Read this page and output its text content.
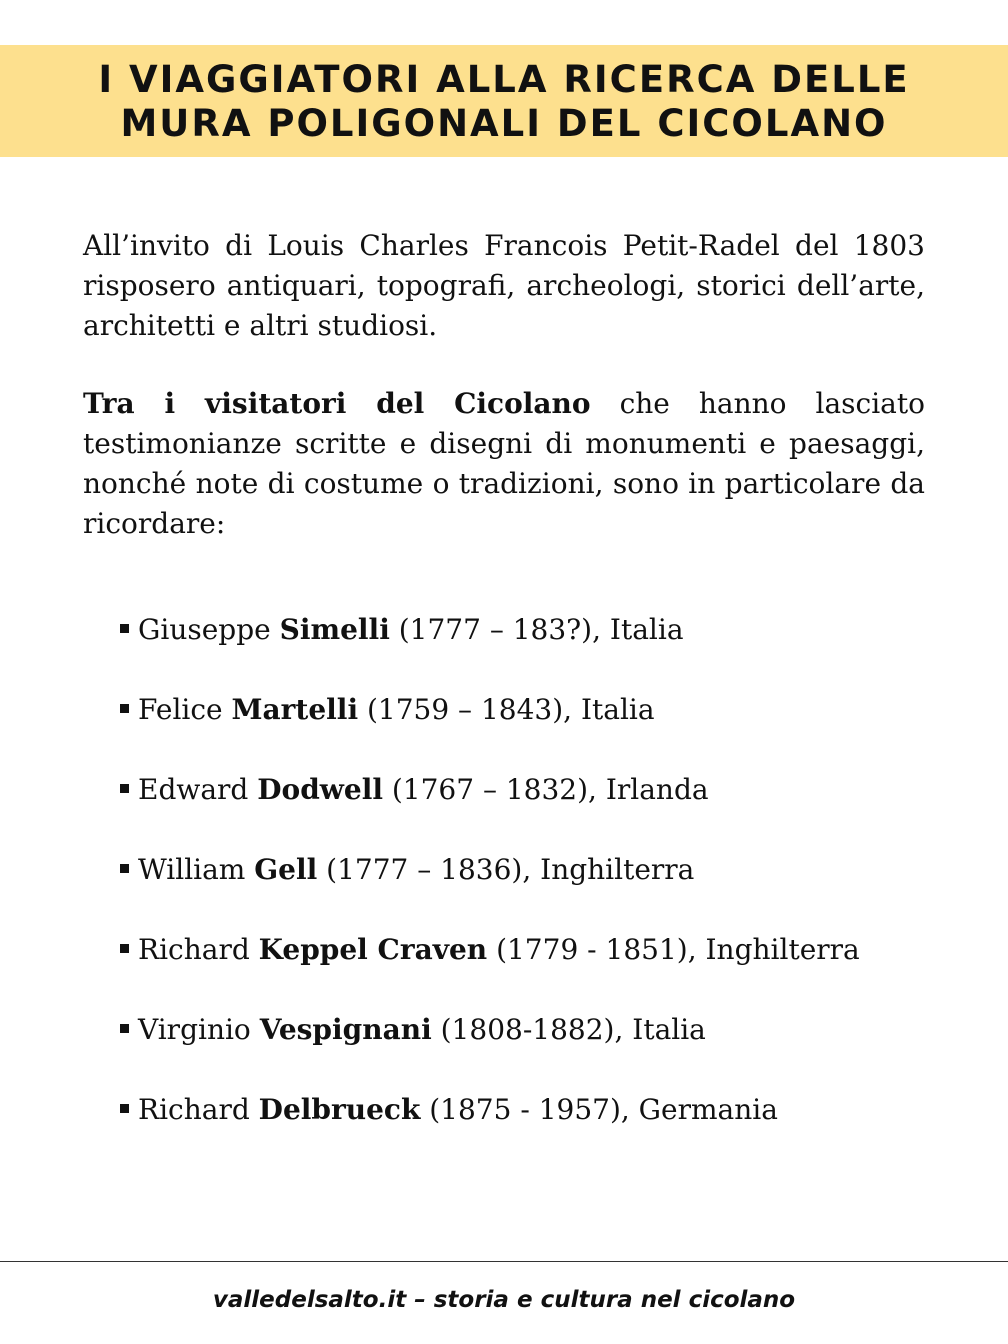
I VIAGGIATORI ALLA RICERCA DELLE
MURA POLIGONALI DEL CICOLANO

All’invito di Louis Charles Francois Petit-Radel del 1803 risposero antiquari, topografi, archeologi, storici dell’arte, architetti e altri studiosi.

Tra i visitatori del Cicolano che hanno lasciato testimonianze scritte e disegni di monumenti e paesaggi, nonché note di costume o tradizioni, sono in particolare da ricordare:

Giuseppe Simelli (1777 – 183?), Italia
Felice Martelli (1759 – 1843), Italia
Edward Dodwell (1767 – 1832), Irlanda
William Gell (1777 – 1836), Inghilterra
Richard Keppel Craven (1779 - 1851), Inghilterra
Virginio Vespignani (1808-1882), Italia
Richard Delbrueck (1875 - 1957), Germania
valledelsalto.it – storia e cultura nel cicolano
